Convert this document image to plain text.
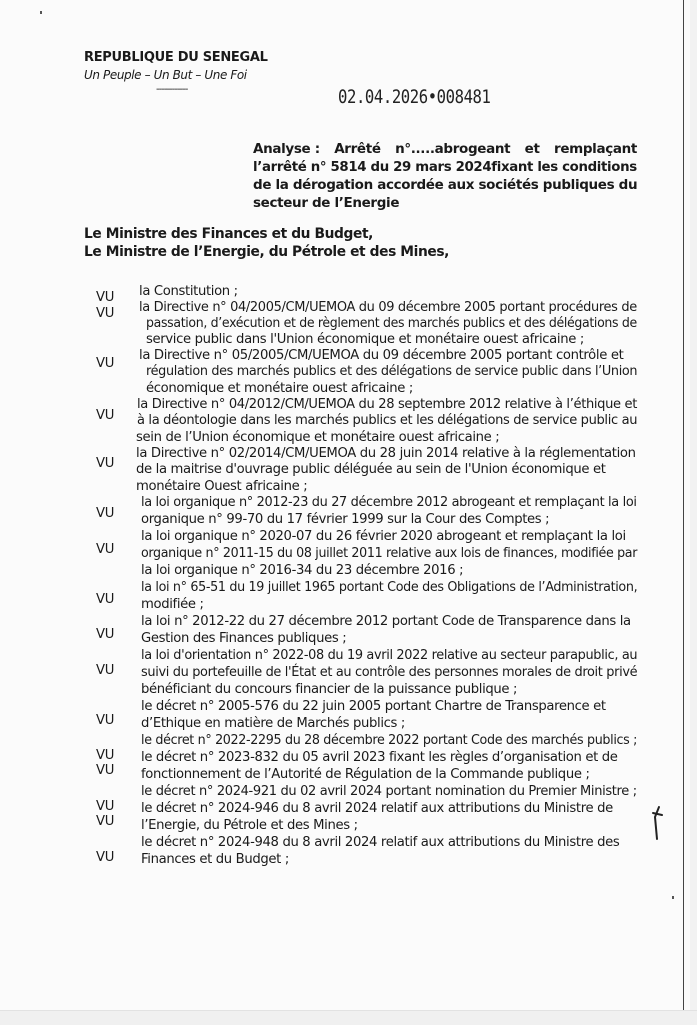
REPUBLIQUE DU SENEGAL
Un Peuple – Un But – Une Foi
------------	02.04.2026•008481
Analyse : Arrêté n°.....abrogeant et remplaçant
l’arrêté n° 5814 du 29 mars 2024fixant les conditions
de la dérogation accordée aux sociétés publiques du
secteur de l’Energie
Le Ministre des Finances et du Budget,
Le Ministre de l’Energie, du Pétrole et des Mines,
VU
VU
VU
VU
VU
VU
VU
VU
VU
VU
VU
VU
VU
VU
VU
VU
la Constitution ;
la Directive n° 04/2005/CM/UEMOA du 09 décembre 2005 portant procédures de
passation, d’exécution et de règlement des marchés publics et des délégations de
service public dans l'Union économique et monétaire ouest africaine ;
la Directive n° 05/2005/CM/UEMOA du 09 décembre 2005 portant contrôle et
régulation des marchés publics et des délégations de service public dans l’Union
économique et monétaire ouest africaine ;
la Directive n° 04/2012/CM/UEMOA du 28 septembre 2012 relative à l’éthique et
à la déontologie dans les marchés publics et les délégations de service public au
sein de l’Union économique et monétaire ouest africaine ;
la Directive n° 02/2014/CM/UEMOA du 28 juin 2014 relative à la réglementation
de la maitrise d'ouvrage public déléguée au sein de l'Union économique et
monétaire Ouest africaine ;
la loi organique n° 2012-23 du 27 décembre 2012 abrogeant et remplaçant la loi
organique n° 99-70 du 17 février 1999 sur la Cour des Comptes ;
la loi organique n° 2020-07 du 26 février 2020 abrogeant et remplaçant la loi
organique n° 2011-15 du 08 juillet 2011 relative aux lois de finances, modifiée par
la loi organique n° 2016-34 du 23 décembre 2016 ;
la loi n° 65-51 du 19 juillet 1965 portant Code des Obligations de l’Administration,
modifiée ;
la loi n° 2012-22 du 27 décembre 2012 portant Code de Transparence dans la
Gestion des Finances publiques ;
la loi d'orientation n° 2022-08 du 19 avril 2022 relative au secteur parapublic, au
suivi du portefeuille de l'État et au contrôle des personnes morales de droit privé
bénéficiant du concours financier de la puissance publique ;
le décret n° 2005-576 du 22 juin 2005 portant Chartre de Transparence et
d’Ethique en matière de Marchés publics ;
le décret n° 2022-2295 du 28 décembre 2022 portant Code des marchés publics ;
le décret n° 2023-832 du 05 avril 2023 fixant les règles d’organisation et de
fonctionnement de l’Autorité de Régulation de la Commande publique ;
le décret n° 2024-921 du 02 avril 2024 portant nomination du Premier Ministre ;
le décret n° 2024-946 du 8 avril 2024 relatif aux attributions du Ministre de
l’Energie, du Pétrole et des Mines ;
le décret n° 2024-948 du 8 avril 2024 relatif aux attributions du Ministre des
Finances et du Budget ;
